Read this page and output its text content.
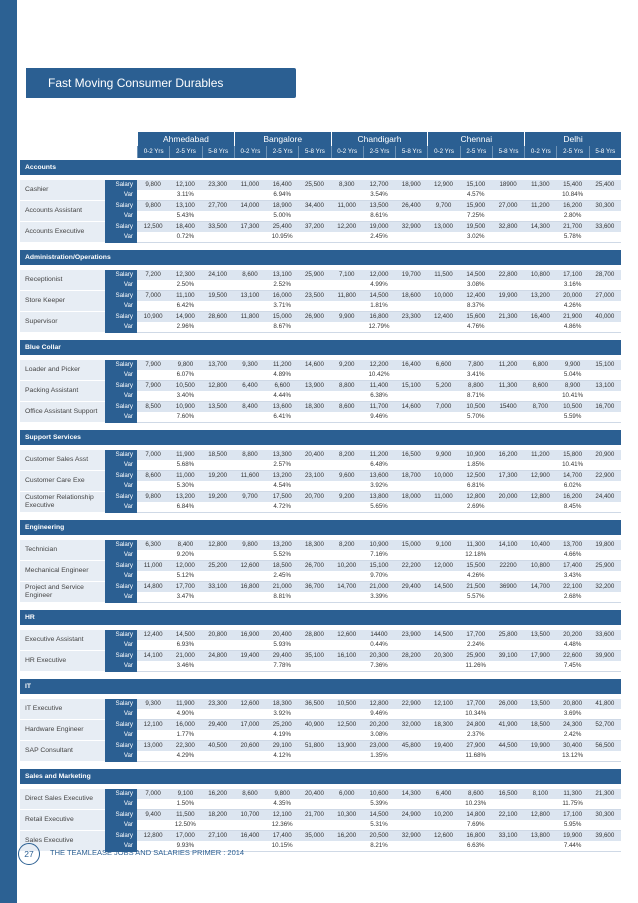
Fast Moving Consumer Durables
Ahmedabad	Bangalore	Chandigarh	Chennai	Delhi
0-2 Yrs	2-5 Yrs	5-8 Yrs	0-2 Yrs	2-5 Yrs	5-8 Yrs	0-2 Yrs	2-5 Yrs	5-8 Yrs	0-2 Yrs	2-5 Yrs	5-8 Yrs	0-2 Yrs	2-5 Yrs	5-8 Yrs
Accounts																

Cashier	Salary	9,800	12,100	23,300	11,000	16,400	25,500	8,300	12,700	18,900	12,900	15,100	18900	11,300	15,400	25,400
	Var	3.11%			6.94%			3.54%			4.57%			10.84%		
Accounts Assistant	Salary	9,800	13,100	27,700	14,000	18,900	34,400	11,000	13,500	26,400	9,700	15,900	27,000	11,200	16,200	30,300
	Var	5.43%			5.00%			8.61%			7.25%			2.80%		
Accounts Executive	Salary	12,500	18,400	33,500	17,300	25,400	37,200	12,200	19,000	32,900	13,000	19,500	32,800	14,300	21,700	33,600
	Var	0.72%			10.95%			2.45%			3.02%			5.78%		

Administration/Operations																

Receptionist	Salary	7,200	12,300	24,100	8,600	13,100	25,900	7,100	12,000	19,700	11,500	14,500	22,800	10,800	17,100	28,700
	Var	2.50%			2.52%			4.99%			3.08%			3.16%		
Store Keeper	Salary	7,000	11,100	19,500	13,100	16,000	23,500	11,800	14,500	18,600	10,000	12,400	19,900	13,200	20,000	27,000
	Var	6.42%			3.71%			1.81%			8.37%			4.26%		
Supervisor	Salary	10,900	14,900	28,600	11,800	15,000	26,900	9,900	16,800	23,300	12,400	15,600	21,300	16,400	21,900	40,000
	Var	2.96%			8.67%			12.79%			4.76%			4.86%		

Blue Collar																

Loader and Picker	Salary	7,900	9,800	13,700	9,300	11,200	14,600	9,200	12,200	16,400	6,600	7,800	11,200	6,800	9,900	15,100
	Var	6.07%			4.89%			10.42%			3.41%			5.04%		
Packing Assistant	Salary	7,900	10,500	12,800	6,400	6,600	13,900	8,800	11,400	15,100	5,200	8,800	11,300	8,600	8,900	13,100
	Var	3.40%			4.44%			6.38%			8.71%			10.41%		
Office Assistant Support	Salary	8,500	10,900	13,500	8,400	13,600	18,300	8,600	11,700	14,600	7,000	10,500	15400	8,700	10,500	16,700
	Var	7.60%			6.41%			9.46%			5.70%			5.59%		

Support Services																

Customer Sales Asst	Salary	7,000	11,900	18,500	8,800	13,300	20,400	8,200	11,200	16,500	9,900	10,900	16,200	11,200	15,800	20,900
	Var	5.68%			2.57%			6.48%			1.85%			10.41%		
Customer Care Exe	Salary	8,600	11,000	19,200	11,600	13,200	23,100	9,600	13,600	18,700	10,000	12,500	17,300	12,900	14,700	22,900
	Var	5.30%			4.54%			3.92%			6.81%			6.02%		
Customer Relationship Executive	Salary	9,800	13,200	19,200	9,700	17,500	20,700	9,200	13,800	18,000	11,000	12,800	20,000	12,800	16,200	24,400
	Var	6.84%			4.72%			5.65%			2.69%			8.45%		

Engineering																

Technician	Salary	6,300	8,400	12,800	9,800	13,200	18,300	8,200	10,900	15,000	9,100	11,300	14,100	10,400	13,700	19,800
	Var	9.20%			5.52%			7.16%			12.18%			4.66%		
Mechanical Engineer	Salary	11,000	12,000	25,200	12,600	18,500	26,700	10,200	15,100	22,200	12,000	15,500	22200	10,800	17,400	25,900
	Var	5.12%			2.45%			9.70%			4.26%			3.43%		
Project and Service Engineer	Salary	14,800	17,700	33,100	16,800	21,000	36,700	14,700	21,000	29,400	14,500	21,500	36900	14,700	22,100	32,200
	Var	3.47%			8.81%			3.39%			5.57%			2.68%		

HR																

Executive Assistant	Salary	12,400	14,500	20,800	16,900	20,400	28,800	12,600	14400	23,900	14,500	17,700	25,800	13,500	20,200	33,600
	Var	6.93%			5.93%			0.44%			2.24%			4.48%		
HR Executive	Salary	14,100	21,000	24,800	19,400	29,400	35,100	16,100	20,300	28,200	20,300	25,900	39,100	17,900	22,600	39,900
	Var	3.46%			7.78%			7.36%			11.26%			7.45%		

IT																

IT Executive	Salary	9,300	11,900	23,300	12,600	18,300	36,500	10,500	12,800	22,900	12,100	17,700	26,000	13,500	20,800	41,800
	Var	4.90%			3.92%			9.46%			10.34%			3.69%		
Hardware Engineer	Salary	12,100	16,000	29,400	17,000	25,200	40,900	12,500	20,200	32,000	18,300	24,800	41,900	18,500	24,300	52,700
	Var	1.77%			4.19%			3.08%			2.37%			2.42%		
SAP Consultant	Salary	13,000	22,300	40,500	20,600	29,100	51,800	13,900	23,000	45,800	19,400	27,900	44,500	19,900	30,400	56,500
	Var	4.29%			4.12%			1.35%			11.68%			13.12%		

Sales and Marketing																

Direct Sales Executive	Salary	7,000	9,100	16,200	8,600	9,800	20,400	6,000	10,600	14,300	6,400	8,600	16,500	8,100	11,300	21,300
	Var	1.50%			4.35%			5.39%			10.23%			11.75%		
Retail Executive	Salary	9,400	11,500	18,200	10,700	12,100	21,700	10,300	14,500	24,900	10,200	14,800	22,100	12,800	17,100	30,300
	Var	12.50%			12.36%			5.31%			7.69%			5.95%		
Sales Executive	Salary	12,800	17,000	27,100	16,400	17,400	35,000	16,200	20,500	32,900	12,600	16,800	33,100	13,800	19,900	39,600
	Var	9.93%			10.15%			8.21%			6.63%			7.44%		
27	THE TEAMLEASE JOBS AND SALARIES PRIMER : 2014
